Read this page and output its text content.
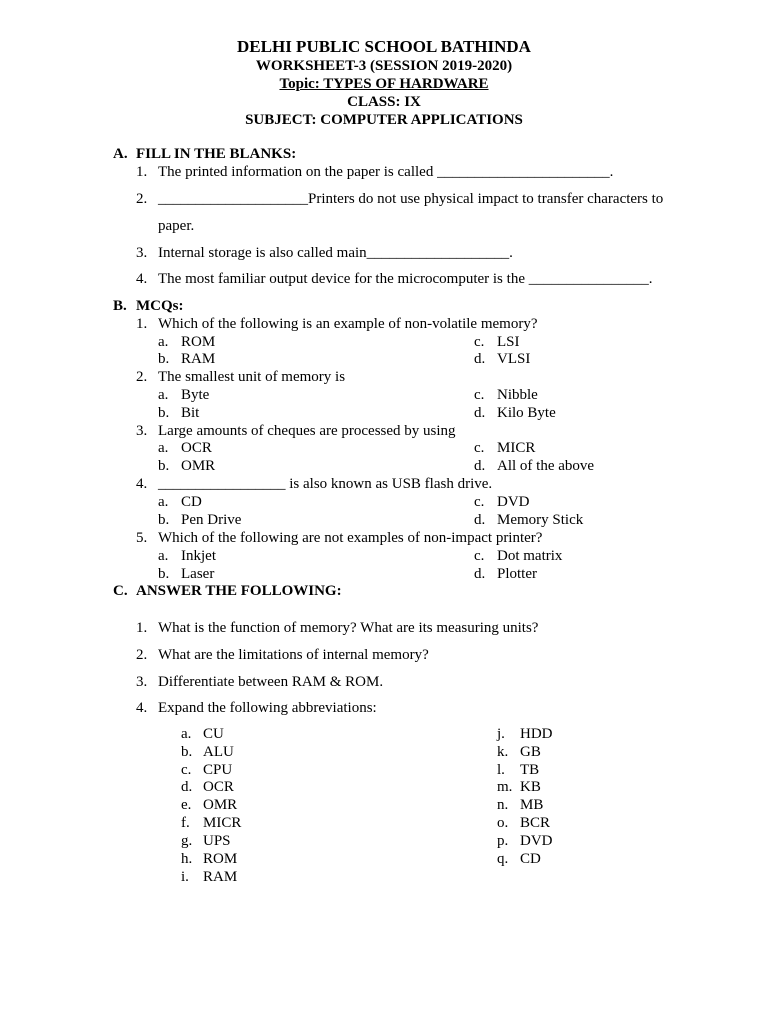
DELHI PUBLIC SCHOOL BATHINDA
WORKSHEET-3 (SESSION 2019-2020)
Topic: TYPES OF HARDWARE
CLASS: IX
SUBJECT: COMPUTER APPLICATIONS
A. FILL IN THE BLANKS:
1. The printed information on the paper is called _______________________.
2. ____________________Printers do not use physical impact to transfer characters to
paper.
3. Internal storage is also called main___________________.
4. The most familiar output device for the microcomputer is the ________________.
B. MCQs:
1. Which of the following is an example of non-volatile memory?
a. ROM	c. LSI
b. RAM	d. VLSI
2. The smallest unit of memory is
a. Byte	c. Nibble
b. Bit	d. Kilo Byte
3. Large amounts of cheques are processed by using
a. OCR	c. MICR
b. OMR	d. All of the above
4. _________________ is also known as USB flash drive.
a. CD	c. DVD
b. Pen Drive	d. Memory Stick
5. Which of the following are not examples of non-impact printer?
a. Inkjet	c. Dot matrix
b. Laser	d. Plotter
C. ANSWER THE FOLLOWING:
1. What is the function of memory? What are its measuring units?
2. What are the limitations of internal memory?
3. Differentiate between RAM & ROM.
4. Expand the following abbreviations:
a. CU
b. ALU
c. CPU
d. OCR
e. OMR
f. MICR
g. UPS
h. ROM
i. RAM
j. HDD
k. GB
l. TB
m. KB
n. MB
o. BCR
p. DVD
q. CD
